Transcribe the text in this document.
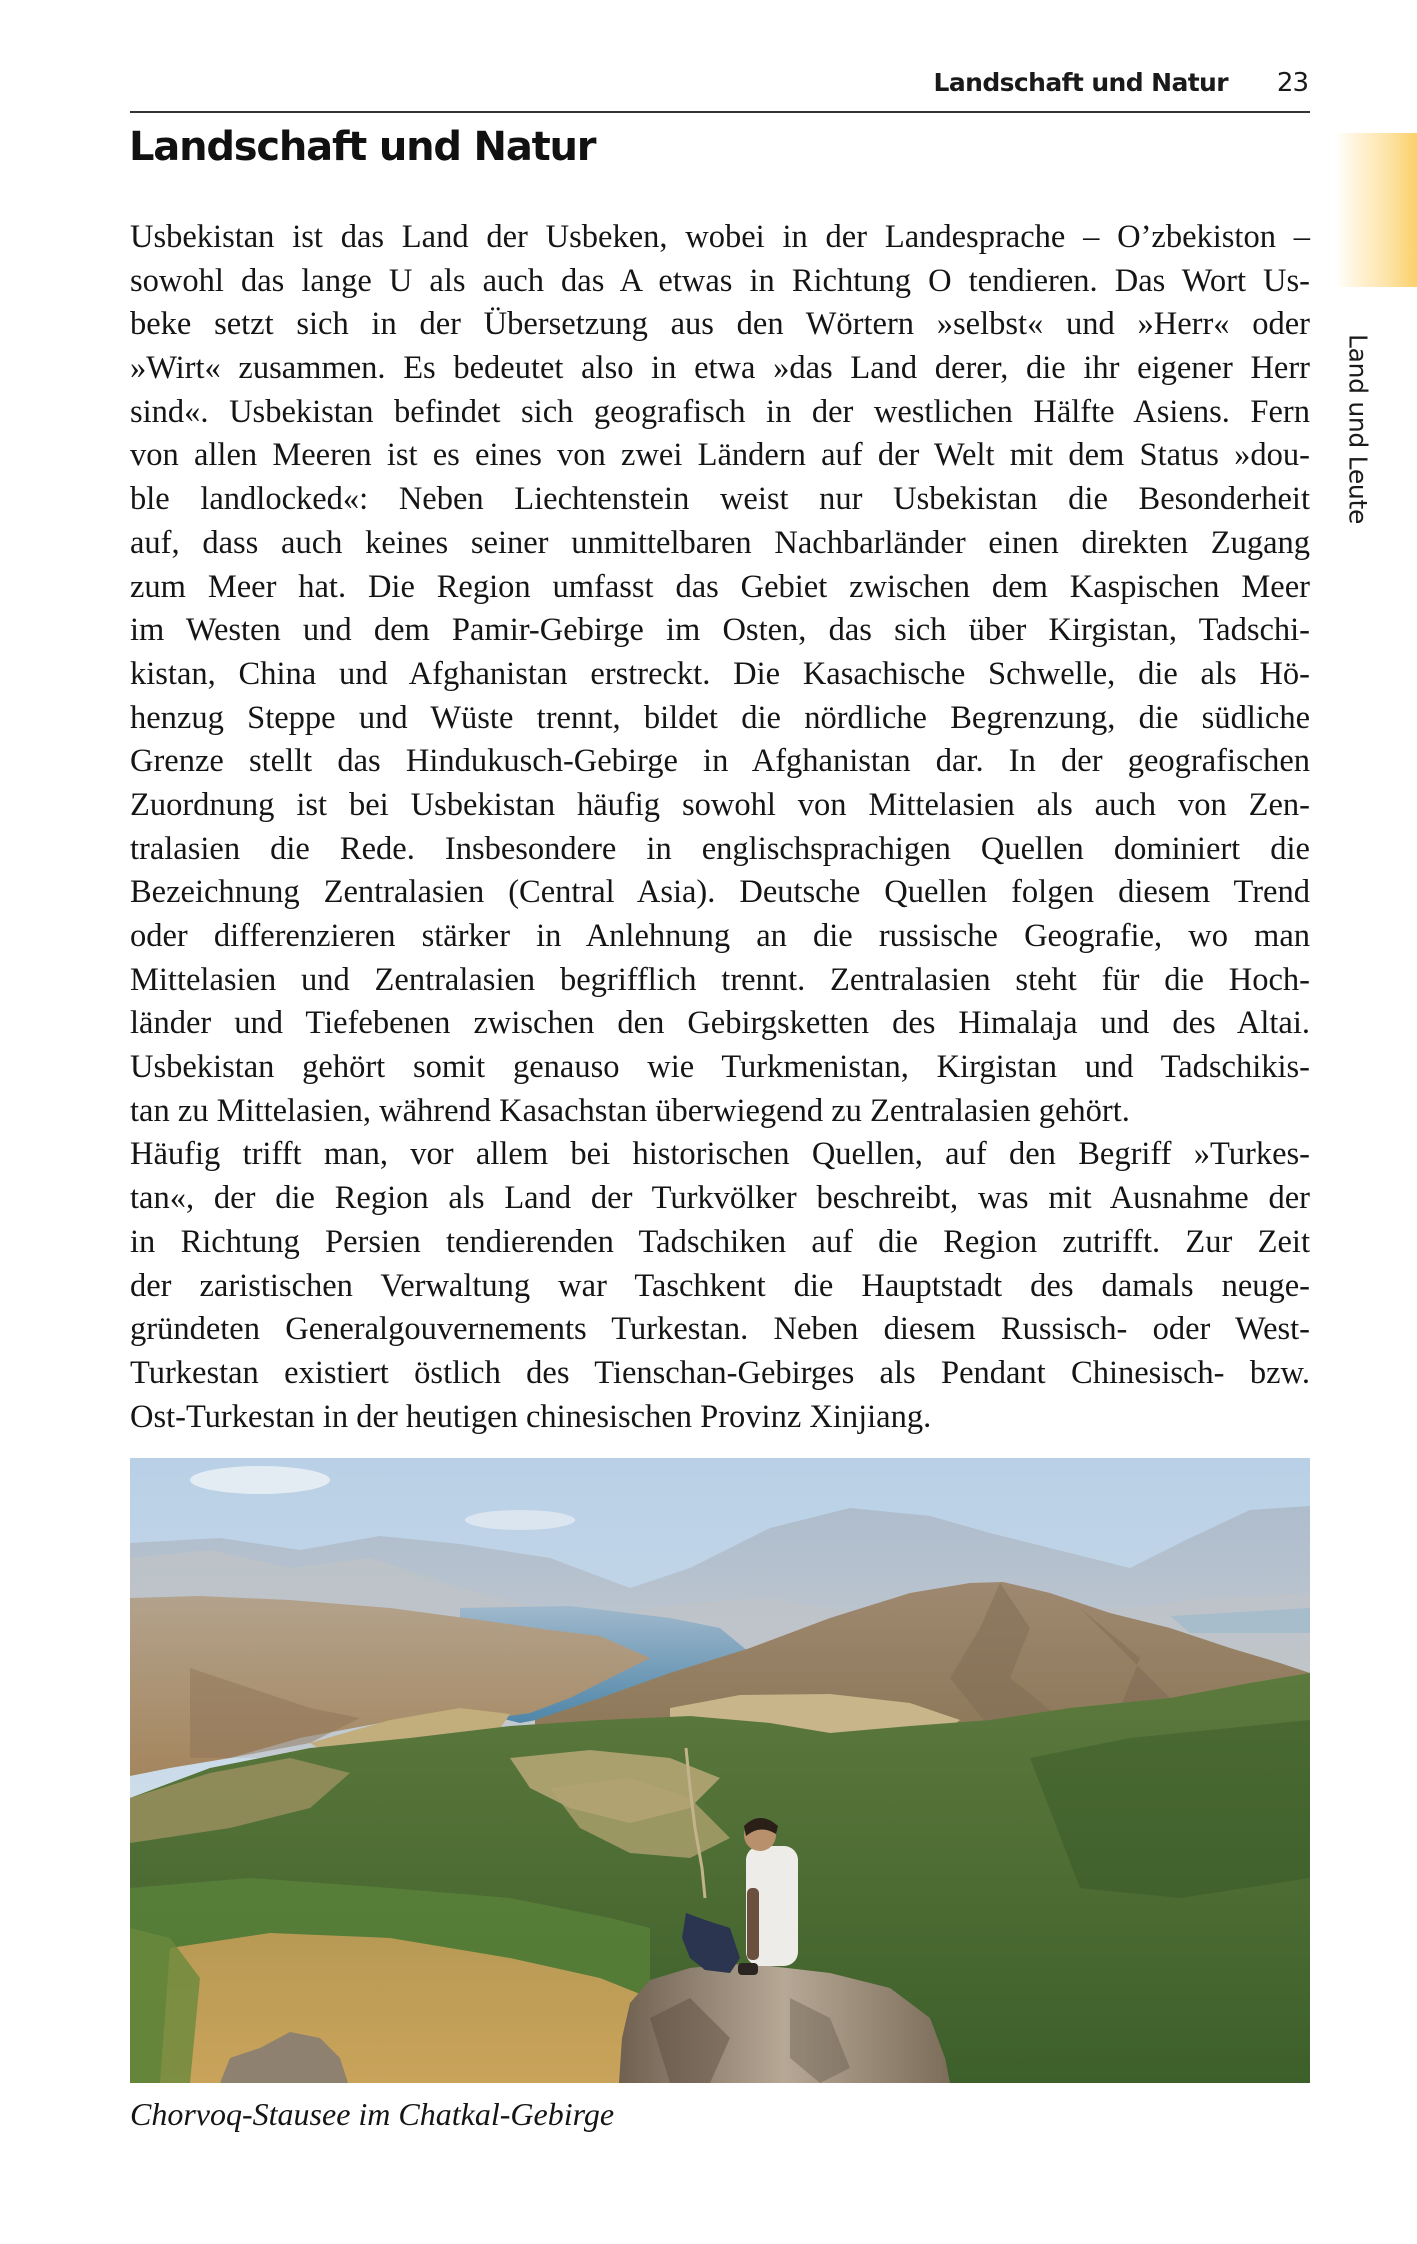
Landschaft und Natur 23
Land und Leute
Landschaft und Natur
Usbekistan ist das Land der Usbeken, wobei in der Landesprache – O’zbekiston –
sowohl das lange U als auch das A etwas in Richtung O tendieren. Das Wort Us-
beke setzt sich in der Übersetzung aus den Wörtern »selbst« und »Herr« oder
»Wirt« zusammen. Es bedeutet also in etwa »das Land derer, die ihr eigener Herr
sind«. Usbekistan befindet sich geografisch in der westlichen Hälfte Asiens. Fern
von allen Meeren ist es eines von zwei Ländern auf der Welt mit dem Status »dou-
ble landlocked«: Neben Liechtenstein weist nur Usbekistan die Besonderheit
auf, dass auch keines seiner unmittelbaren Nachbarländer einen direkten Zugang
zum Meer hat. Die Region umfasst das Gebiet zwischen dem Kaspischen Meer
im Westen und dem Pamir-Gebirge im Osten, das sich über Kirgistan, Tadschi-
kistan, China und Afghanistan erstreckt. Die Kasachische Schwelle, die als Hö-
henzug Steppe und Wüste trennt, bildet die nördliche Begrenzung, die südliche
Grenze stellt das Hindukusch-Gebirge in Afghanistan dar. In der geografischen
Zuordnung ist bei Usbekistan häufig sowohl von Mittelasien als auch von Zen-
tralasien die Rede. Insbesondere in englischsprachigen Quellen dominiert die
Bezeichnung Zentralasien (Central Asia). Deutsche Quellen folgen diesem Trend
oder differenzieren stärker in Anlehnung an die russische Geografie, wo man
Mittelasien und Zentralasien begrifflich trennt. Zentralasien steht für die Hoch-
länder und Tiefebenen zwischen den Gebirgsketten des Himalaja und des Altai.
Usbekistan gehört somit genauso wie Turkmenistan, Kirgistan und Tadschikis-
tan zu Mittelasien, während Kasachstan überwiegend zu Zentralasien gehört.
Häufig trifft man, vor allem bei historischen Quellen, auf den Begriff »Turkes-
tan«, der die Region als Land der Turkvölker beschreibt, was mit Ausnahme der
in Richtung Persien tendierenden Tadschiken auf die Region zutrifft. Zur Zeit
der zaristischen Verwaltung war Taschkent die Hauptstadt des damals neuge-
gründeten Generalgouvernements Turkestan. Neben diesem Russisch- oder West-
Turkestan existiert östlich des Tienschan-Gebirges als Pendant Chinesisch- bzw.
Ost-Turkestan in der heutigen chinesischen Provinz Xinjiang.
Chorvoq-Stausee im Chatkal-Gebirge
